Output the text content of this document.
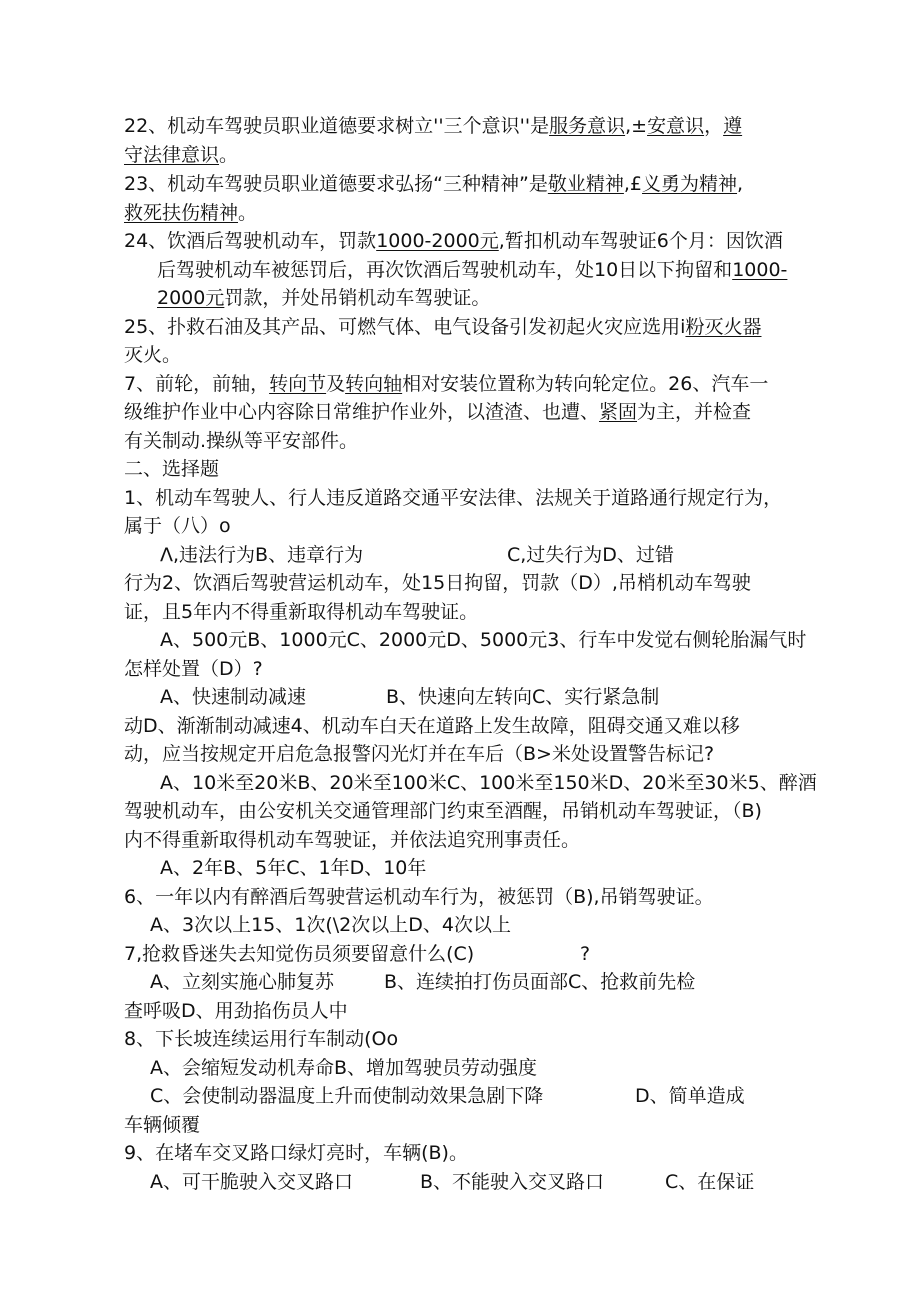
22、机动车驾驶员职业道德要求树立''三个意识''是服务意识,±安意识，遵
守法律意识。
23、机动车驾驶员职业道德要求弘扬“三种精神”是敬业精神,£义勇为精神,
救死扶伤精神。
24、饮酒后驾驶机动车，罚款1000-2000元,暂扣机动车驾驶证6个月：因饮酒
后驾驶机动车被惩罚后，再次饮酒后驾驶机动车，处10日以下拘留和1000-
2000元罚款，并处吊销机动车驾驶证。
25、扑救石油及其产品、可燃气体、电气设备引发初起火灾应选用i粉灭火器
灭火。
7、前轮，前轴，转向节及转向轴相对安装位置称为转向轮定位。26、汽车一
级维护作业中心内容除日常维护作业外，以渣渣、也遭、紧固为主，并检查
有关制动.操纵等平安部件。
二、选择题
1、机动车驾驶人、行人违反道路交通平安法律、法规关于道路通行规定行为，
属于（八）o
Λ,违法行为B、违章行为	C,过失行为D、过错
行为2、饮酒后驾驶营运机动车，处15日拘留，罚款（D）,吊梢机动车驾驶
证，且5年内不得重新取得机动车驾驶证。
A、500元B、1000元C、2000元D、5000元3、行车中发觉右侧轮胎漏气时
怎样处置（D）?
A、快速制动减速	B、快速向左转向C、实行紧急制
动D、渐渐制动减速4、机动车白天在道路上发生故障，阻碍交通又难以移
动，应当按规定开启危急报警闪光灯并在车后（B>米处设置警告标记?
A、10米至20米B、20米至100米C、100米至150米D、20米至30米5、醉酒
驾驶机动车，由公安机关交通管理部门约束至酒醒，吊销机动车驾驶证，（B)
内不得重新取得机动车驾驶证，并依法追究刑事责任。
A、2年B、5年C、1年D、10年
6、一年以内有醉酒后驾驶营运机动车行为，被惩罚（B),吊销驾驶证。
A、3次以上15、1次(\2次以上D、4次以上
7,抢救昏迷失去知觉伤员须要留意什么(C)	?
A、立刻实施心肺复苏	B、连续拍打伤员面部C、抢救前先检
查呼吸D、用劲掐伤员人中
8、下长坡连续运用行车制动(Oo
A、会缩短发动机寿命B、增加驾驶员劳动强度
C、会使制动器温度上升而使制动效果急剧下降	D、简单造成
车辆倾覆
9、在堵车交叉路口绿灯亮时，车辆(B)。
A、可干脆驶入交叉路口	B、不能驶入交叉路口	C、在保证
